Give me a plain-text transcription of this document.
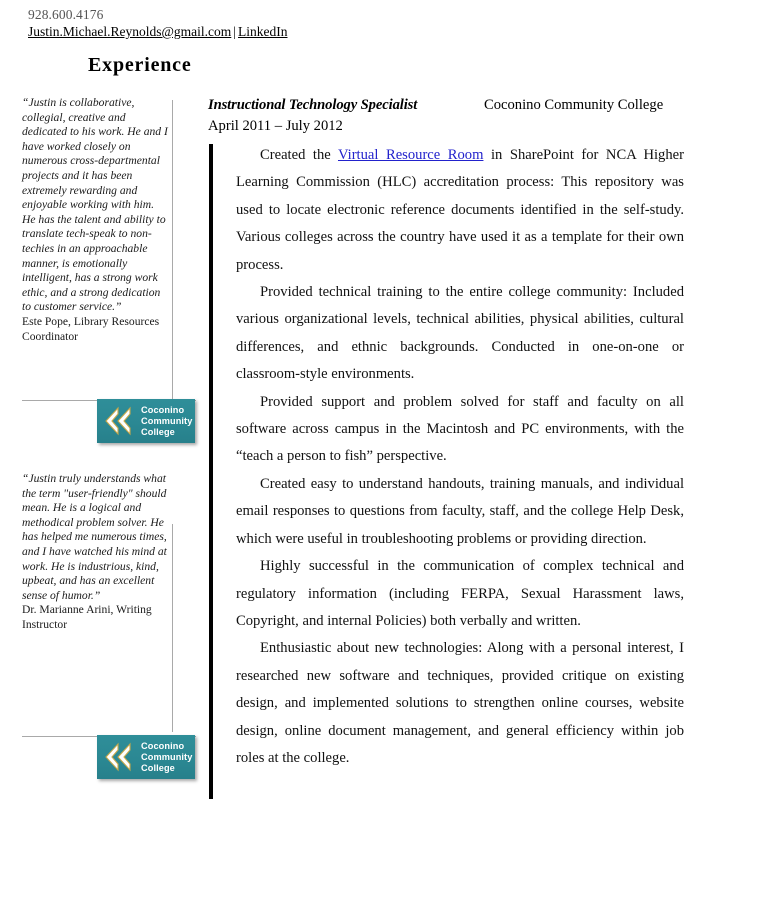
928.600.4176
Justin.Michael.Reynolds@gmail.com | LinkedIn
Experience
“Justin is collaborative, collegial, creative and dedicated to his work. He and I have worked closely on numerous cross-departmental projects and it has been extremely rewarding and enjoyable working with him. He has the talent and ability to translate tech-speak to non-techies in an approachable manner, is emotionally intelligent, has a strong work ethic, and a strong dedication to customer service.”
Este Pope, Library Resources Coordinator
“Justin truly understands what the term "user-friendly" should mean. He is a logical and methodical problem solver. He has helped me numerous times, and I have watched his mind at work. He is industrious, kind, upbeat, and has an excellent sense of humor.”
Dr. Marianne Arini, Writing Instructor
Coconino
Community
College
Coconino
Community
College
Instructional Technology Specialist	Coconino Community College
April 2011 – July 2012

Created the Virtual Resource Room in SharePoint for NCA Higher Learning Commission (HLC) accreditation process: This repository was used to locate electronic reference documents identified in the self-study. Various colleges across the country have used it as a template for their own process.

Provided technical training to the entire college community: Included various organizational levels, technical abilities, physical abilities, cultural differences, and ethnic backgrounds. Conducted in one-on-one or classroom-style environments.

Provided support and problem solved for staff and faculty on all software across campus in the Macintosh and PC environments, with the “teach a person to fish” perspective.

Created easy to understand handouts, training manuals, and individual email responses to questions from faculty, staff, and the college Help Desk, which were useful in troubleshooting problems or providing direction.

Highly successful in the communication of complex technical and regulatory information (including FERPA, Sexual Harassment laws, Copyright, and internal Policies) both verbally and written.

Enthusiastic about new technologies: Along with a personal interest, I researched new software and techniques, provided critique on existing design, and implemented solutions to strengthen online courses, website design, online document management, and general efficiency within job roles at the college.
